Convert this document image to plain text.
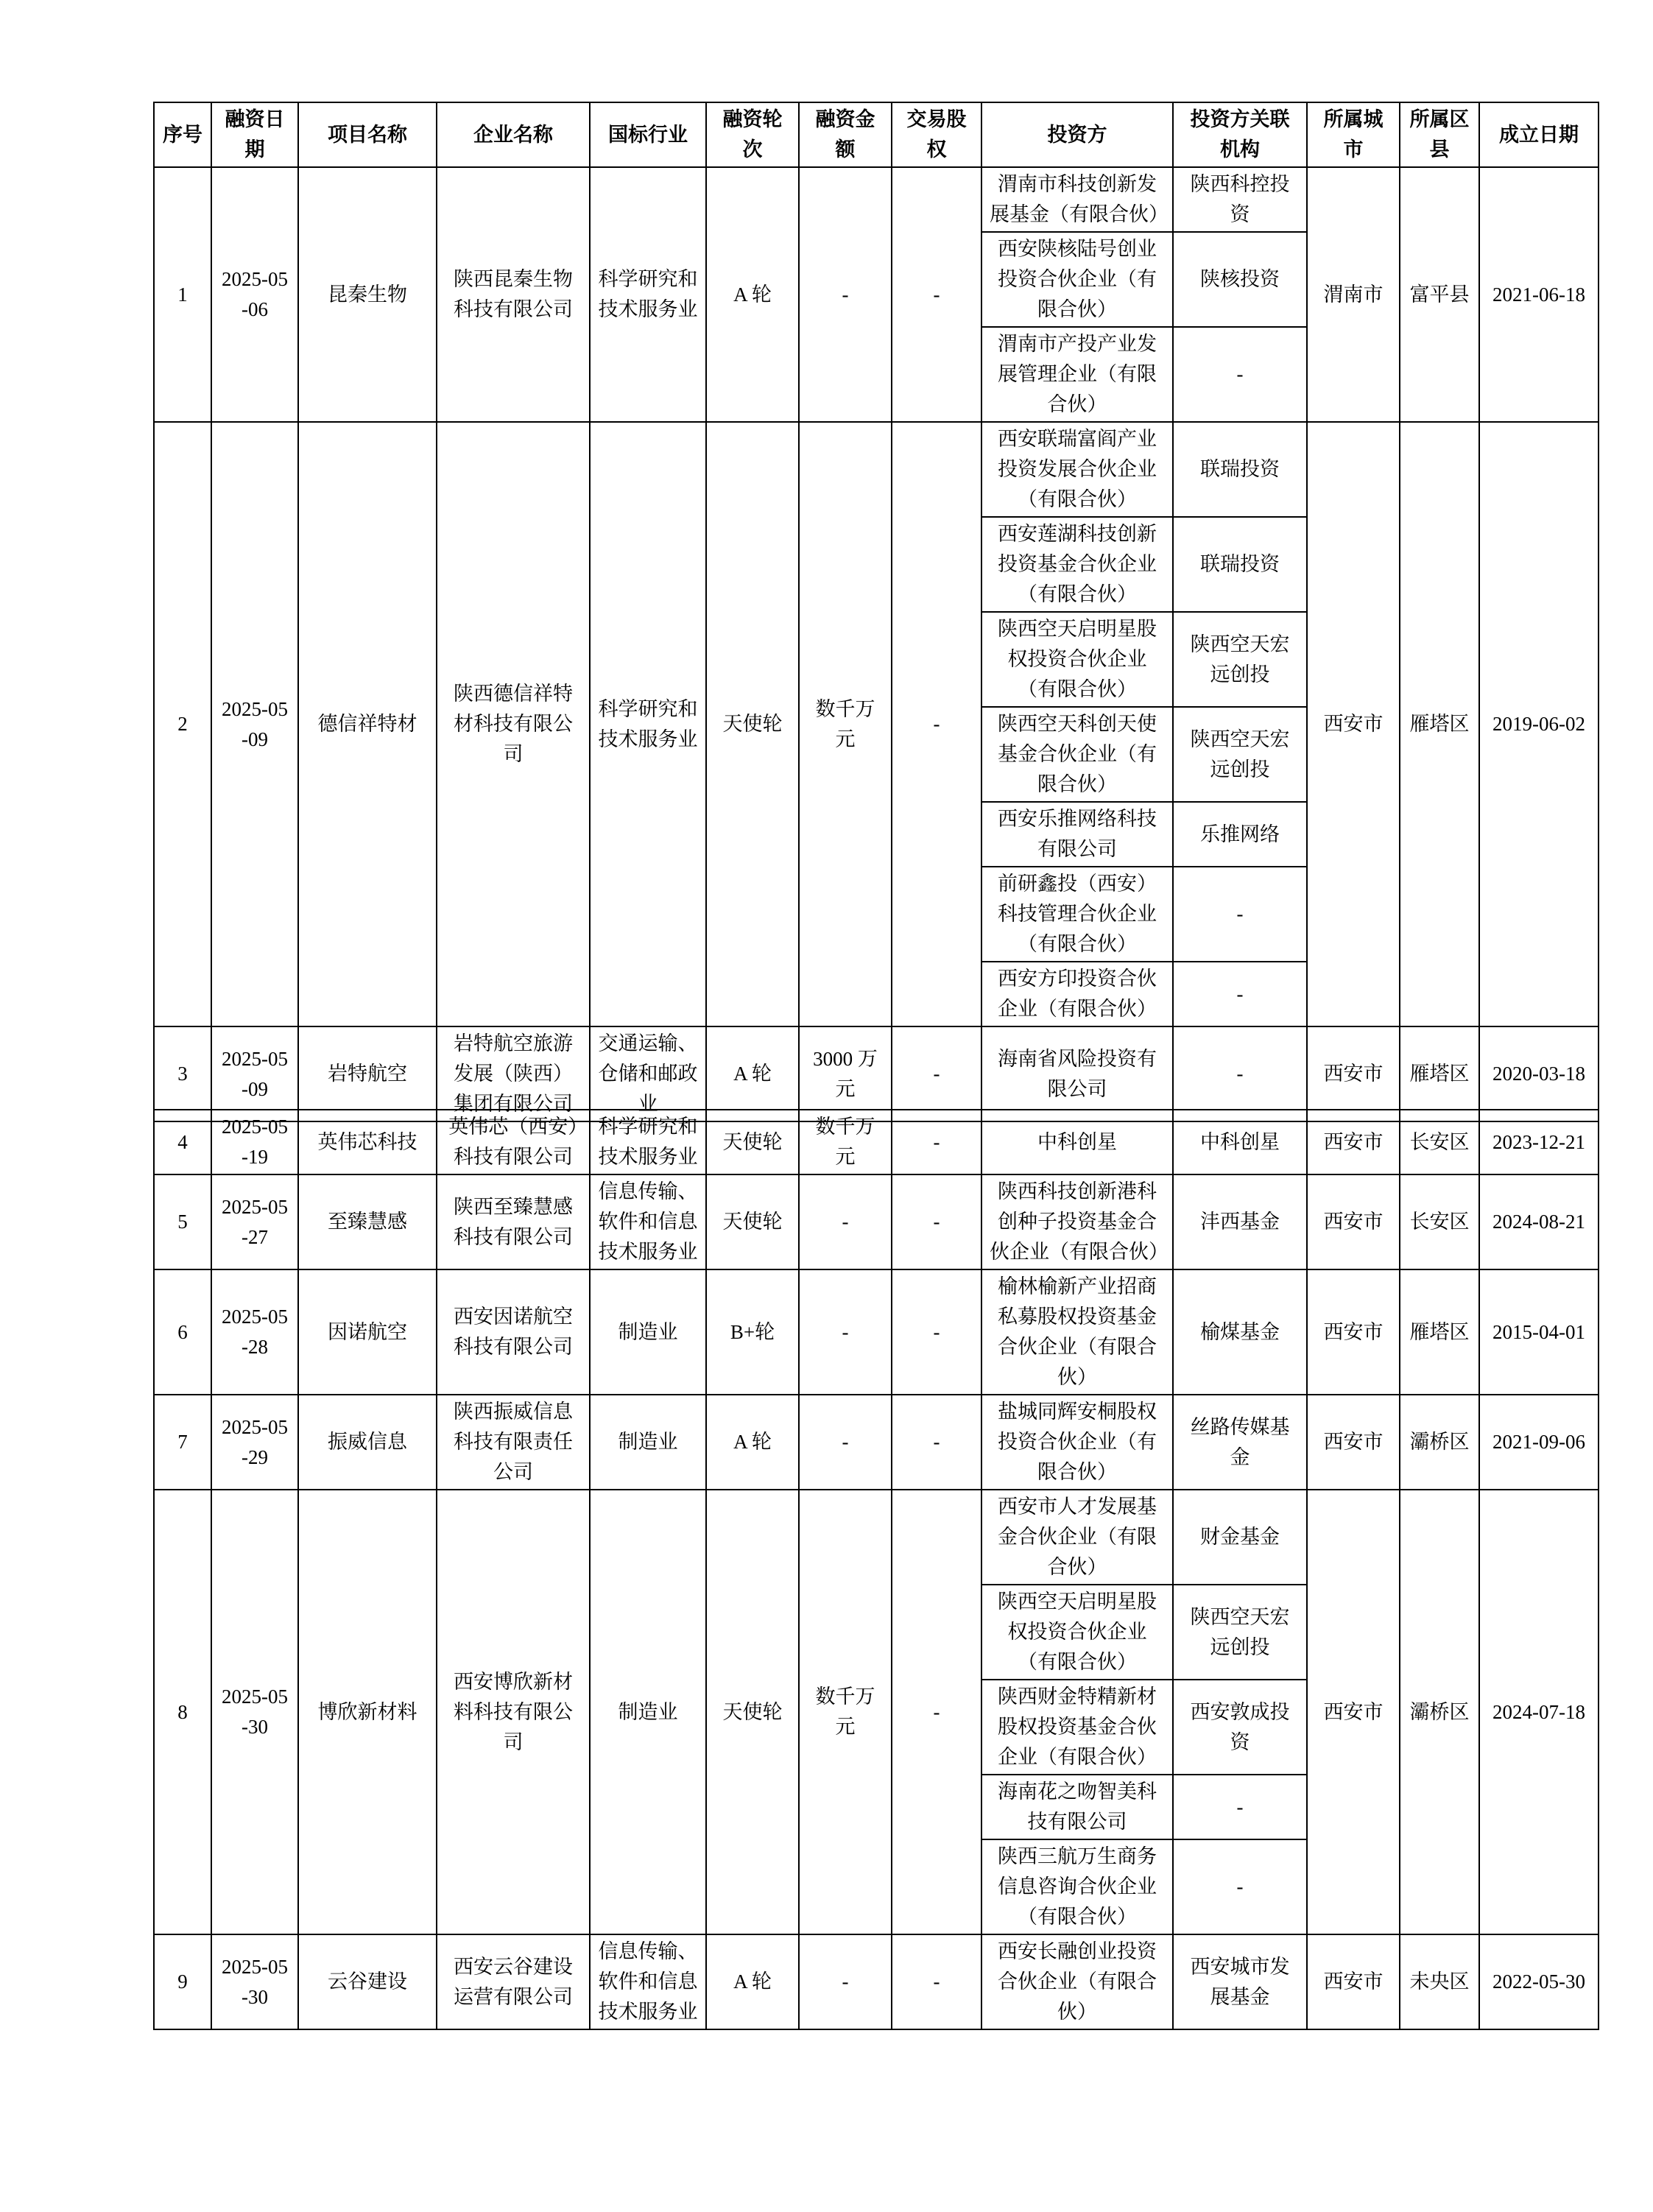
序号	融资日期	项目名称	企业名称	国标行业	融资轮次	融资金额	交易股权	投资方	投资方关联机构	所属城市	所属区县	成立日期
1	2025-05-06	昆秦生物	陕西昆秦生物科技有限公司	科学研究和技术服务业	A 轮	-	-	渭南市科技创新发展基金（有限合伙）	陕西科控投资	渭南市	富平县	2021-06-18
								西安陕核陆号创业投资合伙企业（有限合伙）	陕核投资			
								渭南市产投产业发展管理企业（有限合伙）	-			
2	2025-05-09	德信祥特材	陕西德信祥特材科技有限公司	科学研究和技术服务业	天使轮	数千万元	-	西安联瑞富阎产业投资发展合伙企业（有限合伙）	联瑞投资	西安市	雁塔区	2019-06-02
								西安莲湖科技创新投资基金合伙企业（有限合伙）	联瑞投资			
								陕西空天启明星股权投资合伙企业（有限合伙）	陕西空天宏远创投			
								陕西空天科创天使基金合伙企业（有限合伙）	陕西空天宏远创投			
								西安乐推网络科技有限公司	乐推网络			
								前研鑫投（西安）科技管理合伙企业（有限合伙）	-			
								西安方印投资合伙企业（有限合伙）	-			
3	2025-05-09	岩特航空	岩特航空旅游发展（陕西）集团有限公司	交通运输、仓储和邮政业	A 轮	3000 万元	-	海南省风险投资有限公司	-	西安市	雁塔区	2020-03-18
4	2025-05-19	英伟芯科技	英伟芯（西安）科技有限公司	科学研究和技术服务业	天使轮	数千万元	-	中科创星	中科创星	西安市	长安区	2023-12-21
5	2025-05-27	至臻慧感	陕西至臻慧感科技有限公司	信息传输、软件和信息技术服务业	天使轮	-	-	陕西科技创新港科创种子投资基金合伙企业（有限合伙）	沣西基金	西安市	长安区	2024-08-21
6	2025-05-28	因诺航空	西安因诺航空科技有限公司	制造业	B+轮	-	-	榆林榆新产业招商私募股权投资基金合伙企业（有限合伙）	榆煤基金	西安市	雁塔区	2015-04-01
7	2025-05-29	振威信息	陕西振威信息科技有限责任公司	制造业	A 轮	-	-	盐城同辉安桐股权投资合伙企业（有限合伙）	丝路传媒基金	西安市	灞桥区	2021-09-06
8	2025-05-30	博欣新材料	西安博欣新材料科技有限公司	制造业	天使轮	数千万元	-	西安市人才发展基金合伙企业（有限合伙）	财金基金	西安市	灞桥区	2024-07-18
								陕西空天启明星股权投资合伙企业（有限合伙）	陕西空天宏远创投			
								陕西财金特精新材股权投资基金合伙企业（有限合伙）	西安敦成投资			
								海南花之吻智美科技有限公司	-			
								陕西三航万生商务信息咨询合伙企业（有限合伙）	-			
9	2025-05-30	云谷建设	西安云谷建设运营有限公司	信息传输、软件和信息技术服务业	A 轮	-	-	西安长融创业投资合伙企业（有限合伙）	西安城市发展基金	西安市	未央区	2022-05-30
